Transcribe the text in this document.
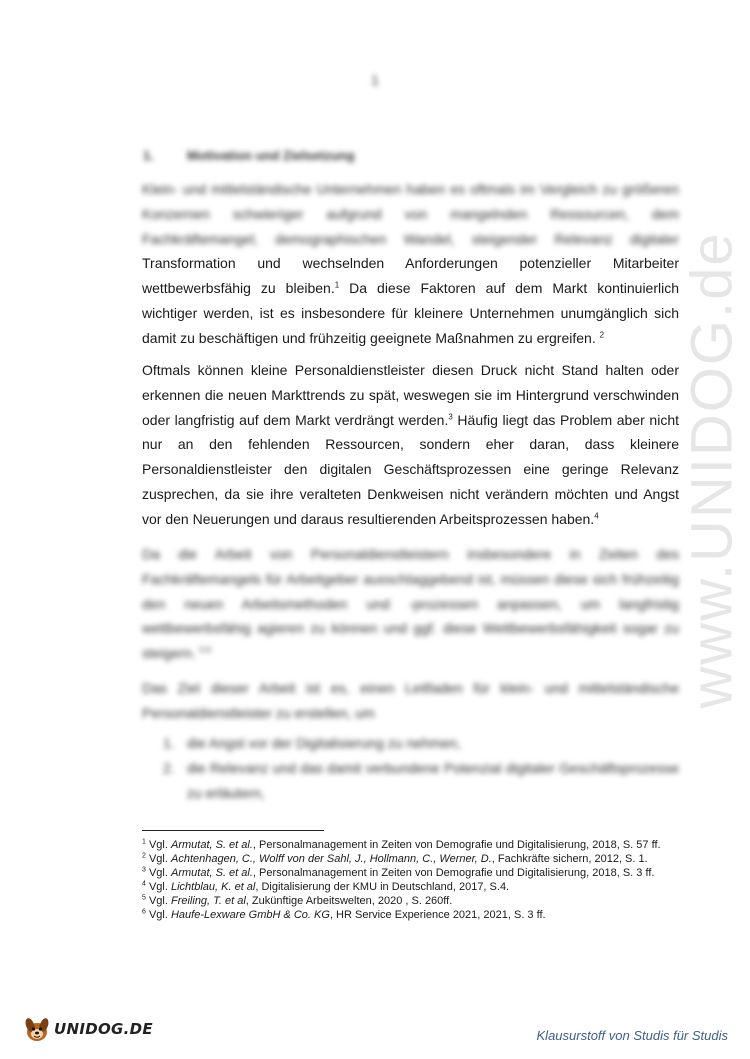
1
1.	Motivation und Zielsetzung

Klein- und mittelständische Unternehmen haben es oftmals im Vergleich zu größeren Konzernen schwieriger aufgrund von mangelnden Ressourcen, dem Fachkräftemangel, demographischen Wandel, steigender Relevanz digitaler Transformation und wechselnden Anforderungen potenzieller Mitarbeiter wettbewerbsfähig zu bleiben.$^1$ Da diese Faktoren auf dem Markt kontinuierlich wichtiger werden, ist es insbesondere für kleinere Unternehmen unumgänglich sich damit zu beschäftigen und frühzeitig geeignete Maßnahmen zu ergreifen. $^2$

Oftmals können kleine Personaldienstleister diesen Druck nicht Stand halten oder erkennen die neuen Markttrends zu spät, weswegen sie im Hintergrund verschwinden oder langfristig auf dem Markt verdrängt werden.$^3$ Häufig liegt das Problem aber nicht nur an den fehlenden Ressourcen, sondern eher daran, dass kleinere Personaldienstleister den digitalen Geschäftsprozessen eine geringe Relevanz zusprechen, da sie ihre veralteten Denkweisen nicht verändern möchten und Angst vor den Neuerungen und daraus resultierenden Arbeitsprozessen haben.$^4$

Da die Arbeit von Personaldienstleistern insbesondere in Zeiten des Fachkräftemangels für Arbeitgeber ausschlaggebend ist, müssen diese sich frühzeitig den neuen Arbeitsmethoden und -prozessen anpassen, um langfristig wettbewerbsfähig agieren zu können und ggf. diese Wettbewerbsfähigkeit sogar zu steigern. $^{5 6}$

Das Ziel dieser Arbeit ist es, einen Leitfaden für klein- und mittelständische Personaldienstleister zu erstellen, um

1. die Angst vor der Digitalisierung zu nehmen,
2. die Relevanz und das damit verbundene Potenzial digitaler Geschäftsprozesse zu erläutern,
$^1$ Vgl. Armutat, S. et al., Personalmanagement in Zeiten von Demografie und Digitalisierung, 2018, S. 57 ff.
$^2$ Vgl. Achtenhagen, C., Wolff von der Sahl, J., Hollmann, C., Werner, D., Fachkräfte sichern, 2012, S. 1.
$^3$ Vgl. Armutat, S. et al., Personalmanagement in Zeiten von Demografie und Digitalisierung, 2018, S. 3 ff.
$^4$ Vgl. Lichtblau, K. et al, Digitalisierung der KMU in Deutschland, 2017, S.4.
$^5$ Vgl. Freiling, T. et al, Zukünftige Arbeitswelten, 2020 , S. 260ff.
$^6$ Vgl. Haufe-Lexware GmbH & Co. KG, HR Service Experience 2021, 2021, S. 3 ff.
www.UNIDOG.de
UNIDOG.DE	Klausurstoff von Studis für Studis
